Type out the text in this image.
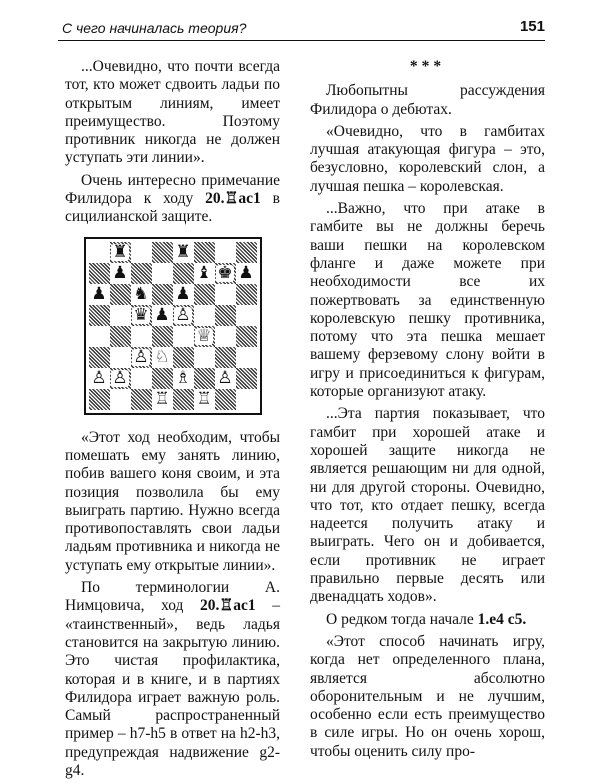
С чего начиналась теория?	151

...Очевидно, что почти всегда тот, кто может сдвоить ладьи по открытым линиям, имеет преимущество. Поэтому противник никогда не должен уступать эти линии».

Очень интересно примечание Филидора к ходу 20.♖ac1 в сицилианской защите.

♜	♜
♟	♝ ♚ ♟
♟ ♞ ♟
♛ ♟ ♙
♕
♙ ♘
♙ ♙	♗ ♙
♖ ♖

«Этот ход необходим, чтобы помешать ему занять линию, побив вашего коня своим, и эта позиция позволила бы ему выиграть партию. Нужно всегда противопоставлять свои ладьи ладьям противника и никогда не уступать ему открытые линии».

По терминологии А. Нимцовича, ход 20.♖ac1 – «таинственный», ведь ладья становится на закрытую линию. Это чистая профилактика, которая и в книге, и в партиях Филидора играет важную роль. Самый распространенный пример – h7-h5 в ответ на h2-h3, предупреждая надвижение g2-g4.

***

Любопытны рассуждения Филидора о дебютах.

«Очевидно, что в гамбитах лучшая атакующая фигура – это, безусловно, королевский слон, а лучшая пешка – королевская.

...Важно, что при атаке в гамбите вы не должны беречь ваши пешки на королевском фланге и даже можете при необходимости все их пожертвовать за единственную королевскую пешку противника, потому что эта пешка мешает вашему ферзевому слону войти в игру и присоединиться к фигурам, которые организуют атаку.

...Эта партия показывает, что гамбит при хорошей атаке и хорошей защите никогда не является решающим ни для одной, ни для другой стороны. Очевидно, что тот, кто отдает пешку, всегда надеется получить атаку и выиграть. Чего он и добивается, если противник не играет правильно первые десять или двенадцать ходов».

О редком тогда начале 1.e4 c5.

«Этот способ начинать игру, когда нет определенного плана, является абсолютно оборонительным и не лучшим, особенно если есть преимущество в силе игры. Но он очень хорош, чтобы оценить силу про-
